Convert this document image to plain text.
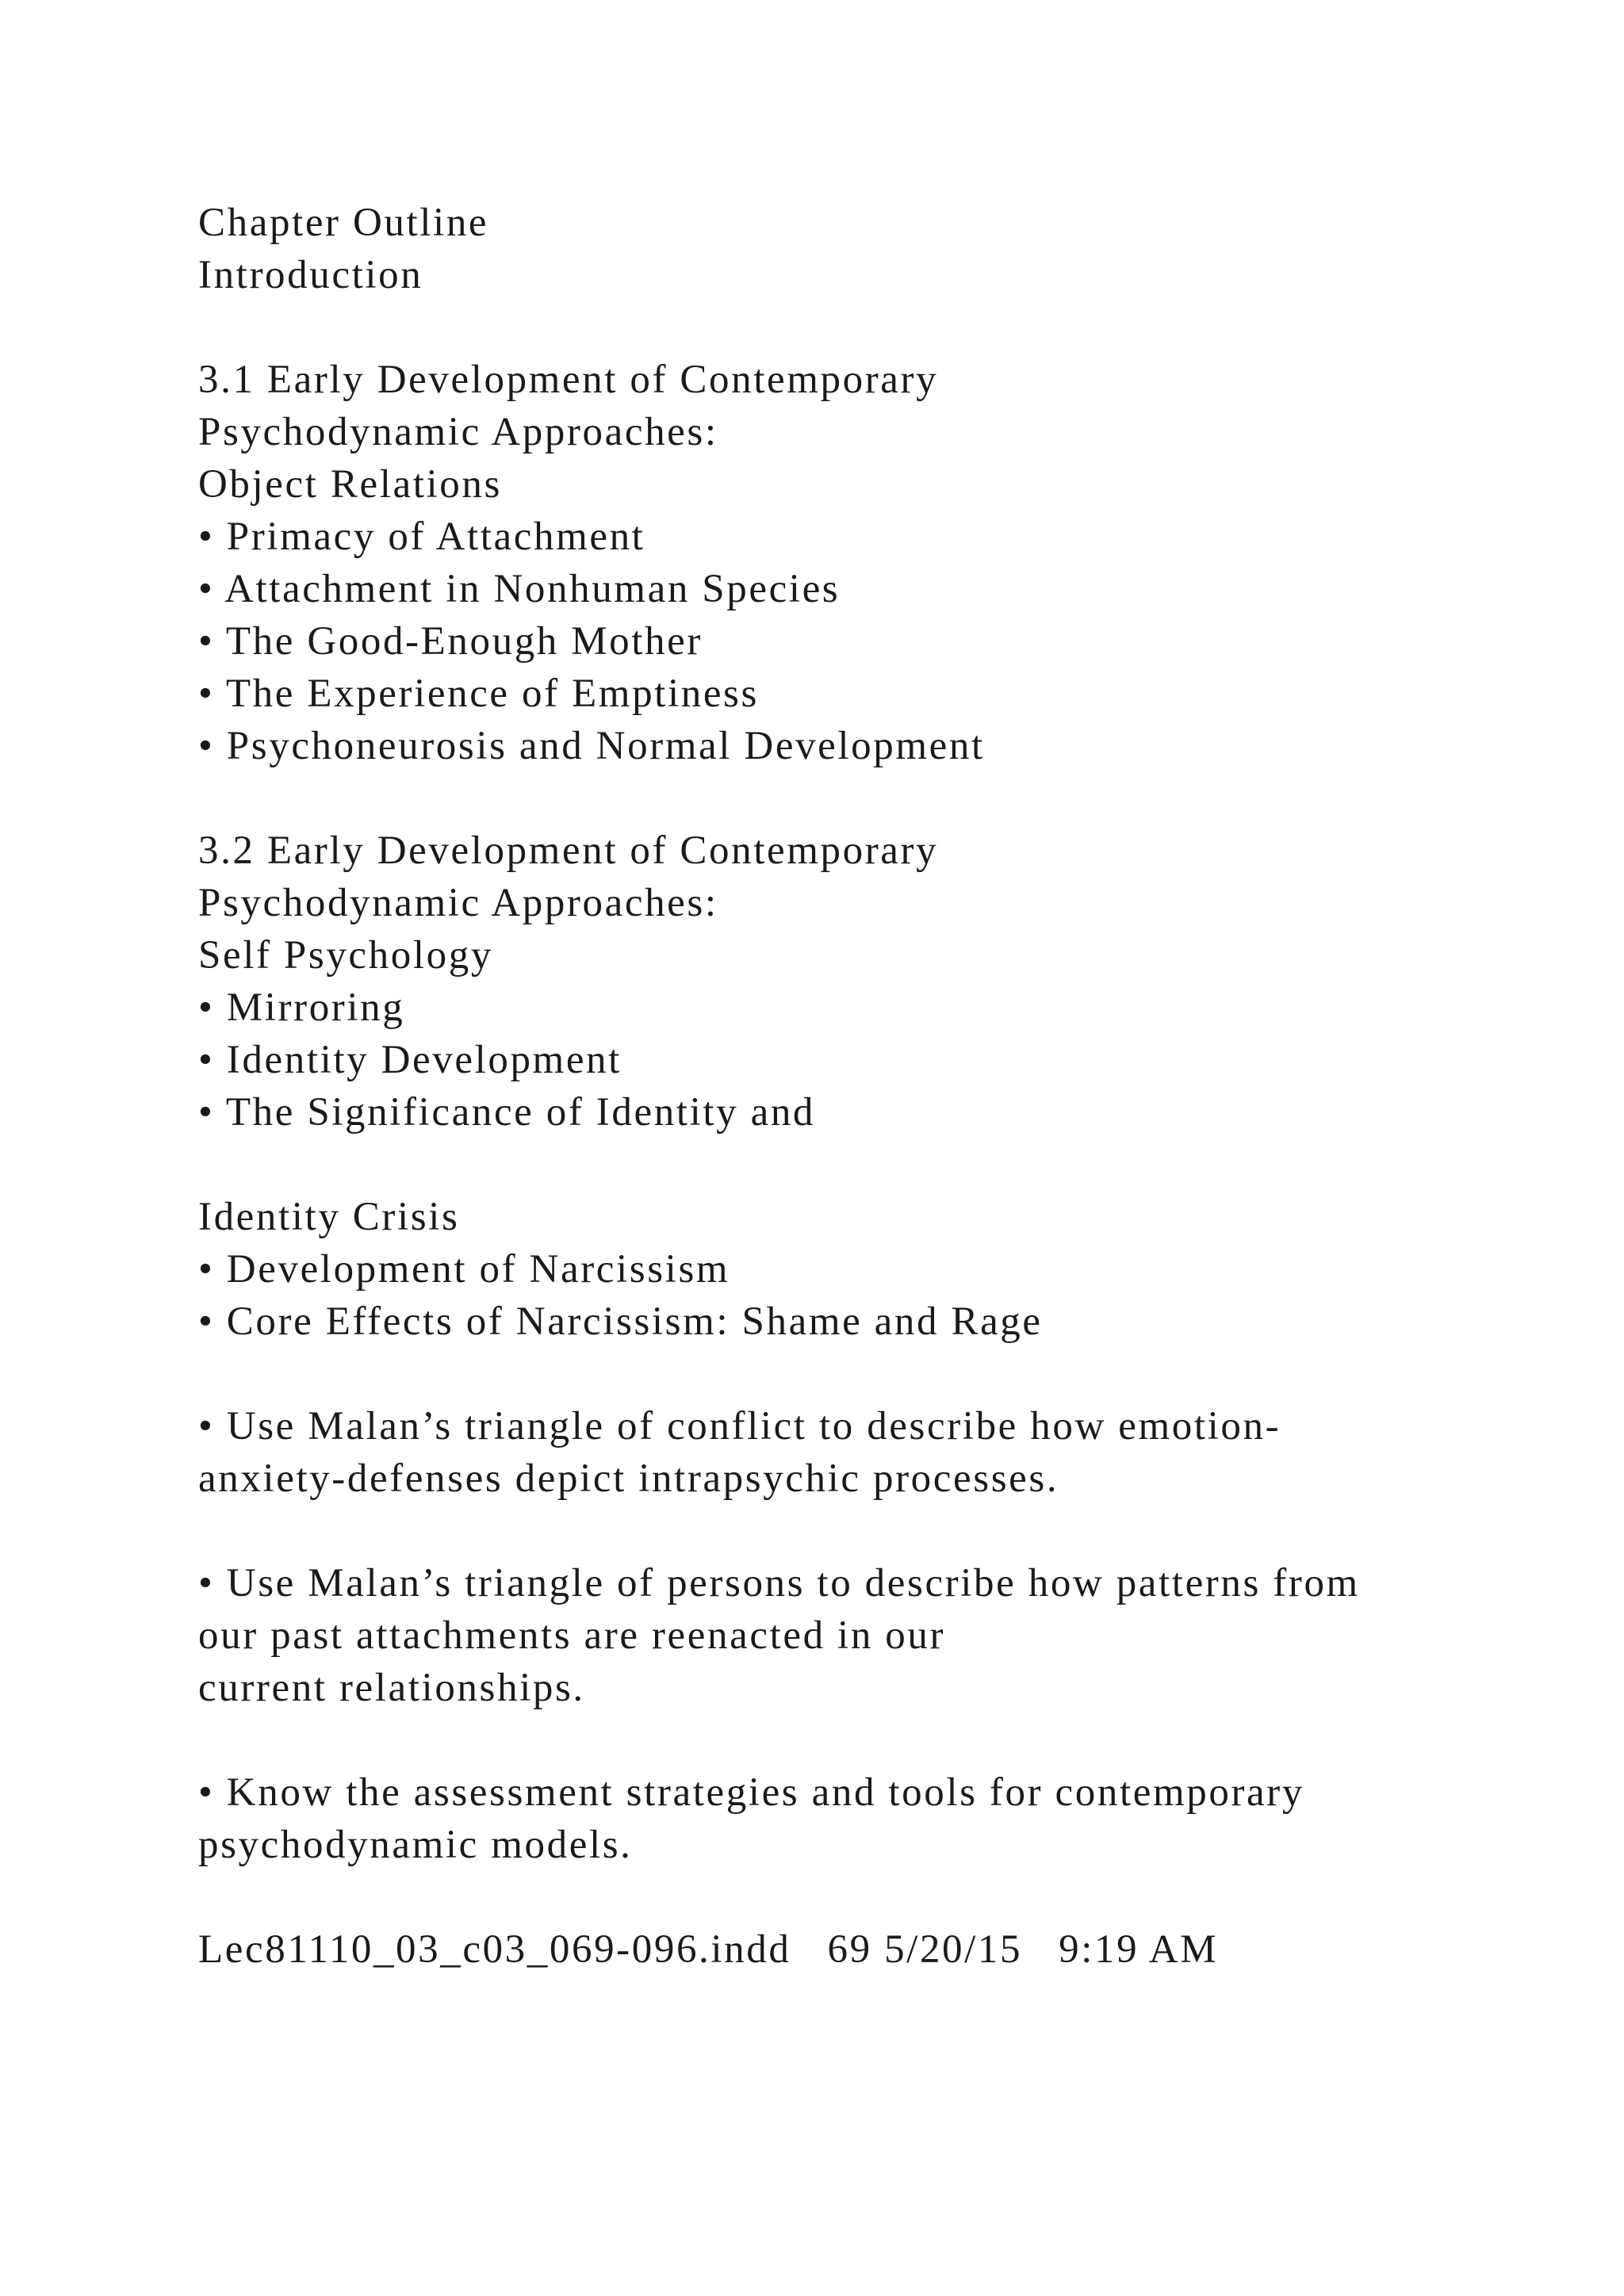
Chapter Outline
Introduction
3.1 Early Development of Contemporary
Psychodynamic Approaches:
Object Relations
• Primacy of Attachment
• Attachment in Nonhuman Species
• The Good-Enough Mother
• The Experience of Emptiness
• Psychoneurosis and Normal Development
3.2 Early Development of Contemporary
Psychodynamic Approaches:
Self Psychology
• Mirroring
• Identity Development
• The Significance of Identity and
Identity Crisis
• Development of Narcissism
• Core Effects of Narcissism: Shame and Rage
• Use Malan’s triangle of conflict to describe how emotion-
anxiety-defenses depict intrapsychic processes.
• Use Malan’s triangle of persons to describe how patterns from
our past attachments are reenacted in our
current relationships.
• Know the assessment strategies and tools for contemporary
psychodynamic models.
Lec81110_03_c03_069-096.indd   69 5/20/15   9:19 AM
